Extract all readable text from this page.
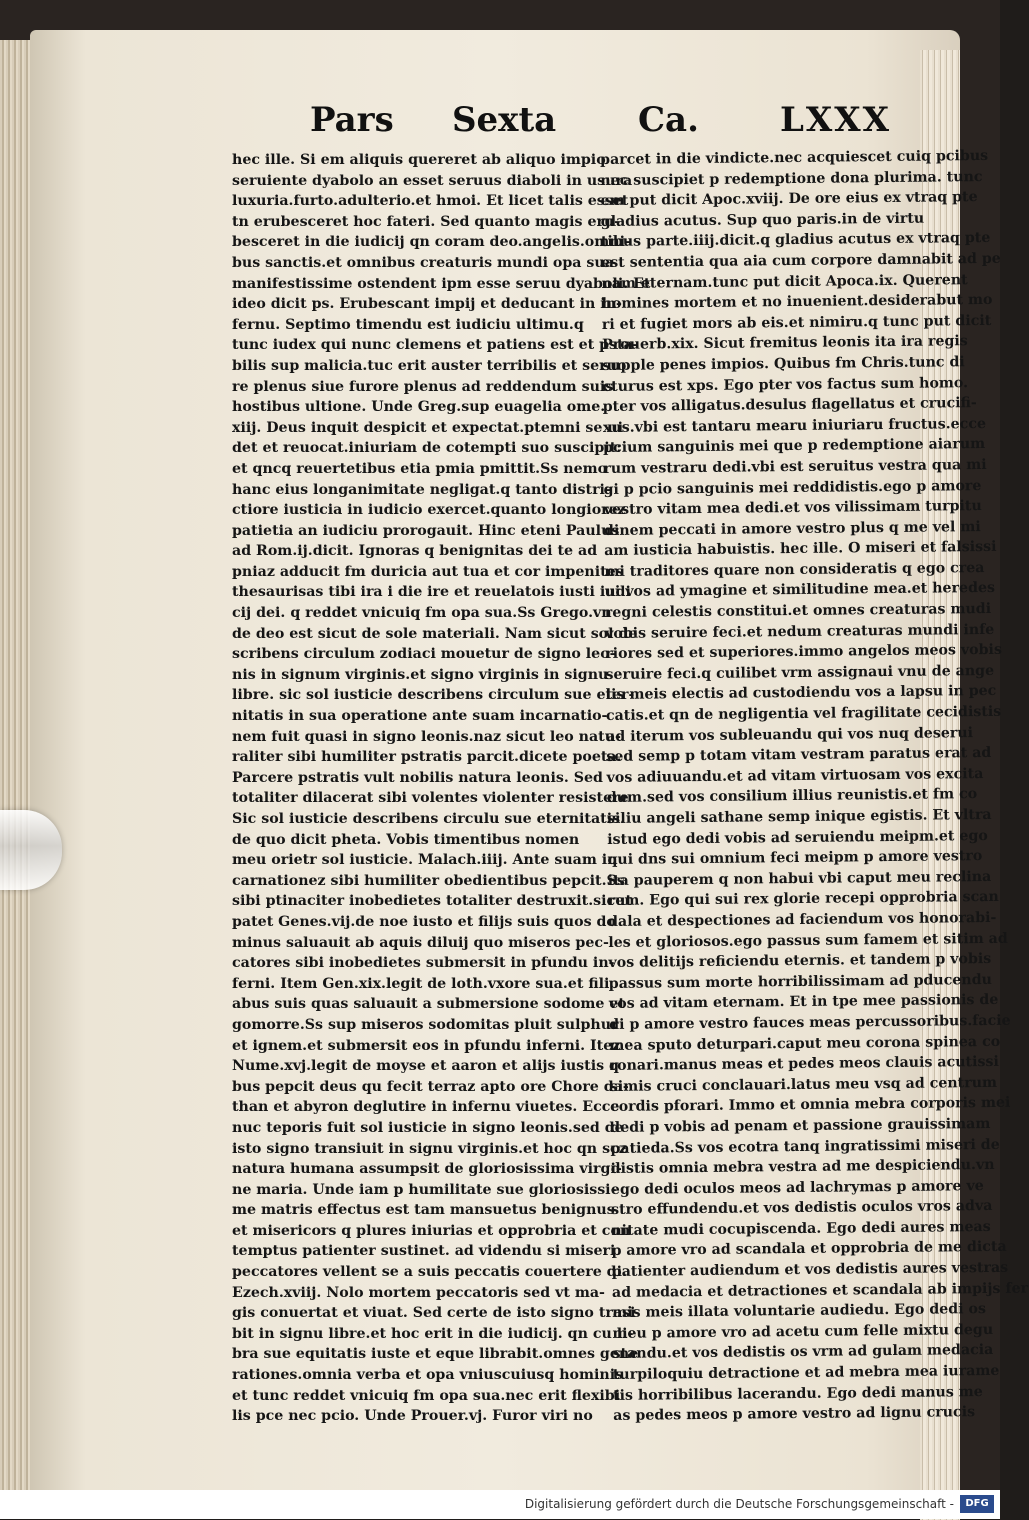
Pars Sexta Ca. LXXX

hec ille. Si em aliquis quereret ab aliquo impio

seruiente dyabolo an esset seruus diaboli in usura

luxuria.furto.adulterio.et hmoi. Et licet talis esset

tn erubesceret hoc fateri. Sed quanto magis eru-

besceret in die iudicij qn coram deo.angelis.omni-

bus sanctis.et omnibus creaturis mundi opa sua

manifestissime ostendent ipm esse seruu dyaboli. Et

ideo dicit ps. Erubescant impij et deducant in in-

fernu. Septimo timendu est iudiciu ultimu.q

tunc iudex qui nunc clemens et patiens est et psta-

bilis sup malicia.tuc erit auster terribilis et seruo

re plenus siue furore plenus ad reddendum suis

hostibus ultione. Unde Greg.sup euagelia ome.

xiij. Deus inquit despicit et expectat.ptemni se ui

det et reuocat.iniuriam de cotempti suo suscipit:

et qncq reuertetibus etia pmia pmittit.Ss nemo

hanc eius longanimitate negligat.q tanto distri-

ctiore iusticia in iudicio exercet.quanto longiorez

patietia an iudiciu prorogauit. Hinc eteni Paulus

ad Rom.ij.dicit. Ignoras q benignitas dei te ad

pniaz adducit fm duricia aut tua et cor impenites

thesaurisas tibi ira i die ire et reuelatois iusti iudi

cij dei. q reddet vnicuiq fm opa sua.Ss Grego.vn

de deo est sicut de sole materiali. Nam sicut sol de

scribens circulum zodiaci mouetur de signo leo-

nis in signum virginis.et signo virginis in signu

libre. sic sol iusticie describens circulum sue eter-

nitatis in sua operatione ante suam incarnatio-

nem fuit quasi in signo leonis.naz sicut leo natu-

raliter sibi humiliter pstratis parcit.dicete poeta.

Parcere pstratis vult nobilis natura leonis. Sed

totaliter dilacerat sibi volentes violenter resistere

Sic sol iusticie describens circulu sue eternitatis.

de quo dicit pheta. Vobis timentibus nomen

meu orietr sol iusticie. Malach.iiij. Ante suam in

carnationez sibi humiliter obedientibus pepcit.Ss

sibi ptinaciter inobedietes totaliter destruxit.sicut

patet Genes.vij.de noe iusto et filijs suis quos do

minus saluauit ab aquis diluij quo miseros pec-

catores sibi inobedietes submersit in pfundu in-

ferni. Item Gen.xix.legit de loth.vxore sua.et fili

abus suis quas saluauit a submersione sodome et

gomorre.Ss sup miseros sodomitas pluit sulphur

et ignem.et submersit eos in pfundu inferni. Itez

Nume.xvj.legit de moyse et aaron et alijs iustis q

bus pepcit deus qu fecit terraz apto ore Chore da-

than et abyron deglutire in infernu viuetes. Ecce

nuc teporis fuit sol iusticie in signo leonis.sed de

isto signo transiuit in signu virginis.et hoc qn scz

natura humana assumpsit de gloriosissima virgi-

ne maria. Unde iam p humilitate sue gloriosissi-

me matris effectus est tam mansuetus benignus

et misericors q plures iniurias et opprobria et con

temptus patienter sustinet. ad videndu si miseri

peccatores vellent se a suis peccatis couertere di.

Ezech.xviij. Nolo mortem peccatoris sed vt ma-

gis conuertat et viuat. Sed certe de isto signo trasi

bit in signu libre.et hoc erit in die iudicij. qn cu li-

bra sue equitatis iuste et eque librabit.omnes gene

rationes.omnia verba et opa vniuscuiusq hominis

et tunc reddet vnicuiq fm opa sua.nec erit flexibi

lis pce nec pcio. Unde Prouer.vj. Furor viri no

parcet in die vindicte.nec acquiescet cuiq pcibus

nec suscipiet p redemptione dona plurima. tunc

em put dicit Apoc.xviij. De ore eius ex vtraq pte

gladius acutus. Sup quo paris.in de virtu

tibus parte.iiij.dicit.q gladius acutus ex vtraq pte

est sententia qua aia cum corpore damnabit ad pe

nam eternam.tunc put dicit Apoca.ix. Querent

homines mortem et no inuenient.desiderabut mo

ri et fugiet mors ab eis.et nimiru.q tunc put dicit

Prouerb.xix. Sicut fremitus leonis ita ira regis

supple penes impios. Quibus fm Chris.tunc di

cturus est xps. Ego pter vos factus sum homo.

pter vos alligatus.desulus flagellatus et crucifi-

xus.vbi est tantaru mearu iniuriaru fructus.ecce

pcium sanguinis mei que p redemptione aiarum

rum vestraru dedi.vbi est seruitus vestra qua mi

gi p pcio sanguinis mei reddidistis.ego p amore

vestro vitam mea dedi.et vos vilissimam turpitu

dinem peccati in amore vestro plus q me vel mi

am iusticia habuistis. hec ille. O miseri et falsissi

mi traditores quare non consideratis q ego crea

ui vos ad ymagine et similitudine mea.et heredes

regni celestis constitui.et omnes creaturas mudi

vobis seruire feci.et nedum creaturas mundi infe

riores sed et superiores.immo angelos meos vobis

seruire feci.q cuilibet vrm assignaui vnu de ange

lis meis electis ad custodiendu vos a lapsu in pec

catis.et qn de negligentia vel fragilitate cecidistis

ad iterum vos subleuandu qui vos nuq deserui

sed semp p totam vitam vestram paratus erat ad

vos adiuuandu.et ad vitam virtuosam vos excita

dum.sed vos consilium illius reunistis.et fm co

siliu angeli sathane semp inique egistis. Et vltra

istud ego dedi vobis ad seruiendu meipm.et ego

qui dns sui omnium feci meipm p amore vestro

ita pauperem q non habui vbi caput meu reclina

rem. Ego qui sui rex glorie recepi opprobria scan

dala et despectiones ad faciendum vos honorabi-

les et gloriosos.ego passus sum famem et sitim ad

vos delitijs reficiendu eternis. et tandem p vobis

passus sum morte horribilissimam ad pducendu

vos ad vitam eternam. Et in tpe mee passionis de

di p amore vestro fauces meas percussoribus.facie

mea sputo deturpari.caput meu corona spinea co

ronari.manus meas et pedes meos clauis acutissi

simis cruci conclauari.latus meu vsq ad centrum

cordis pforari. Immo et omnia mebra corporis mei

dedi p vobis ad penam et passione grauissimam

patieda.Ss vos ecotra tanq ingratissimi miseri de

distis omnia mebra vestra ad me despiciendu.vn

ego dedi oculos meos ad lachrymas p amore ve

stro effundendu.et vos dedistis oculos vros adva

nitate mudi cocupiscenda. Ego dedi aures meas

p amore vro ad scandala et opprobria de me dicta

patienter audiendum et vos dedistis aures vestras

ad medacia et detractiones et scandala ab impijs fer

mis meis illata voluntarie audiedu. Ego dedi os

meu p amore vro ad acetu cum felle mixtu degu

standu.et vos dedistis os vrm ad gulam medacia

turpiloquiu detractione et ad mebra mea iurame

tis horribilibus lacerandu. Ego dedi manus me

as pedes meos p amore vestro ad lignu crucis

Digitalisierung gefördert durch die Deutsche Forschungsgemeinschaft -	DFG
